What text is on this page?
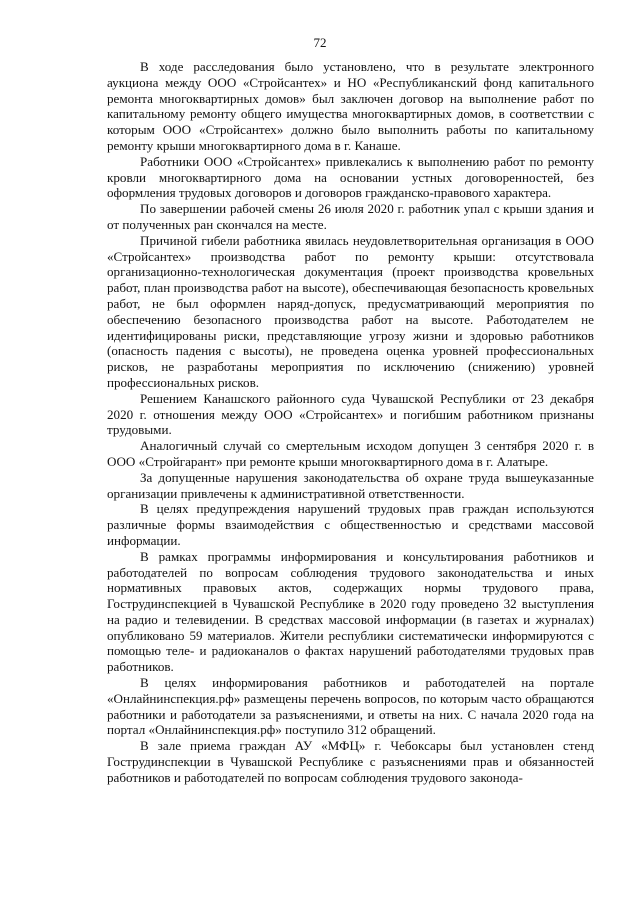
72

В ходе расследования было установлено, что в результате электронного аукциона между ООО «Стройсантех» и НО «Республиканский фонд капитального ремонта многоквартирных домов» был заключен договор на выполнение работ по капитальному ремонту общего имущества многоквартирных домов, в соответствии с которым ООО «Стройсантех» должно было выполнить работы по капитальному ремонту крыши многоквартирного дома в г. Канаше.

Работники ООО «Стройсантех» привлекались к выполнению работ по ремонту кровли многоквартирного дома на основании устных договоренностей, без оформления трудовых договоров и договоров гражданско-правового характера.

По завершении рабочей смены 26 июля 2020 г. работник упал с крыши здания и от полученных ран скончался на месте.

Причиной гибели работника явилась неудовлетворительная организация в ООО «Стройсантех» производства работ по ремонту крыши: отсутствовала организационно-технологическая документация (проект производства кровельных работ, план производства работ на высоте), обеспечивающая безопасность кровельных работ, не был оформлен наряд-допуск, предусматривающий мероприятия по обеспечению безопасного производства работ на высоте. Работодателем не идентифицированы риски, представляющие угрозу жизни и здоровью работников (опасность падения с высоты), не проведена оценка уровней профессиональных рисков, не разработаны мероприятия по исключению (снижению) уровней профессиональных рисков.

Решением Канашского районного суда Чувашской Республики от 23 декабря 2020 г. отношения между ООО «Стройсантех» и погибшим работником признаны трудовыми.

Аналогичный случай со смертельным исходом допущен 3 сентября 2020 г. в ООО «Стройгарант» при ремонте крыши многоквартирного дома в г. Алатыре.

За допущенные нарушения законодательства об охране труда вышеуказанные организации привлечены к административной ответственности.

В целях предупреждения нарушений трудовых прав граждан используются различные формы взаимодействия с общественностью и средствами массовой информации.

В рамках программы информирования и консультирования работников и работодателей по вопросам соблюдения трудового законодательства и иных нормативных правовых актов, содержащих нормы трудового права, Гострудинспекцией в Чувашской Республике в 2020 году проведено 32 выступления на радио и телевидении. В средствах массовой информации (в газетах и журналах) опубликовано 59 материалов. Жители республики систематически информируются с помощью теле- и радиоканалов о фактах нарушений работодателями трудовых прав работников.

В целях информирования работников и работодателей на портале «Онлайнинспекция.рф» размещены перечень вопросов, по которым часто обращаются работники и работодатели за разъяснениями, и ответы на них. С начала 2020 года на портал «Онлайнинспекция.рф» поступило 312 обращений.

В зале приема граждан АУ «МФЦ» г. Чебоксары был установлен стенд Гострудинспекции в Чувашской Республике с разъяснениями прав и обязанностей работников и работодателей по вопросам соблюдения трудового законода-
